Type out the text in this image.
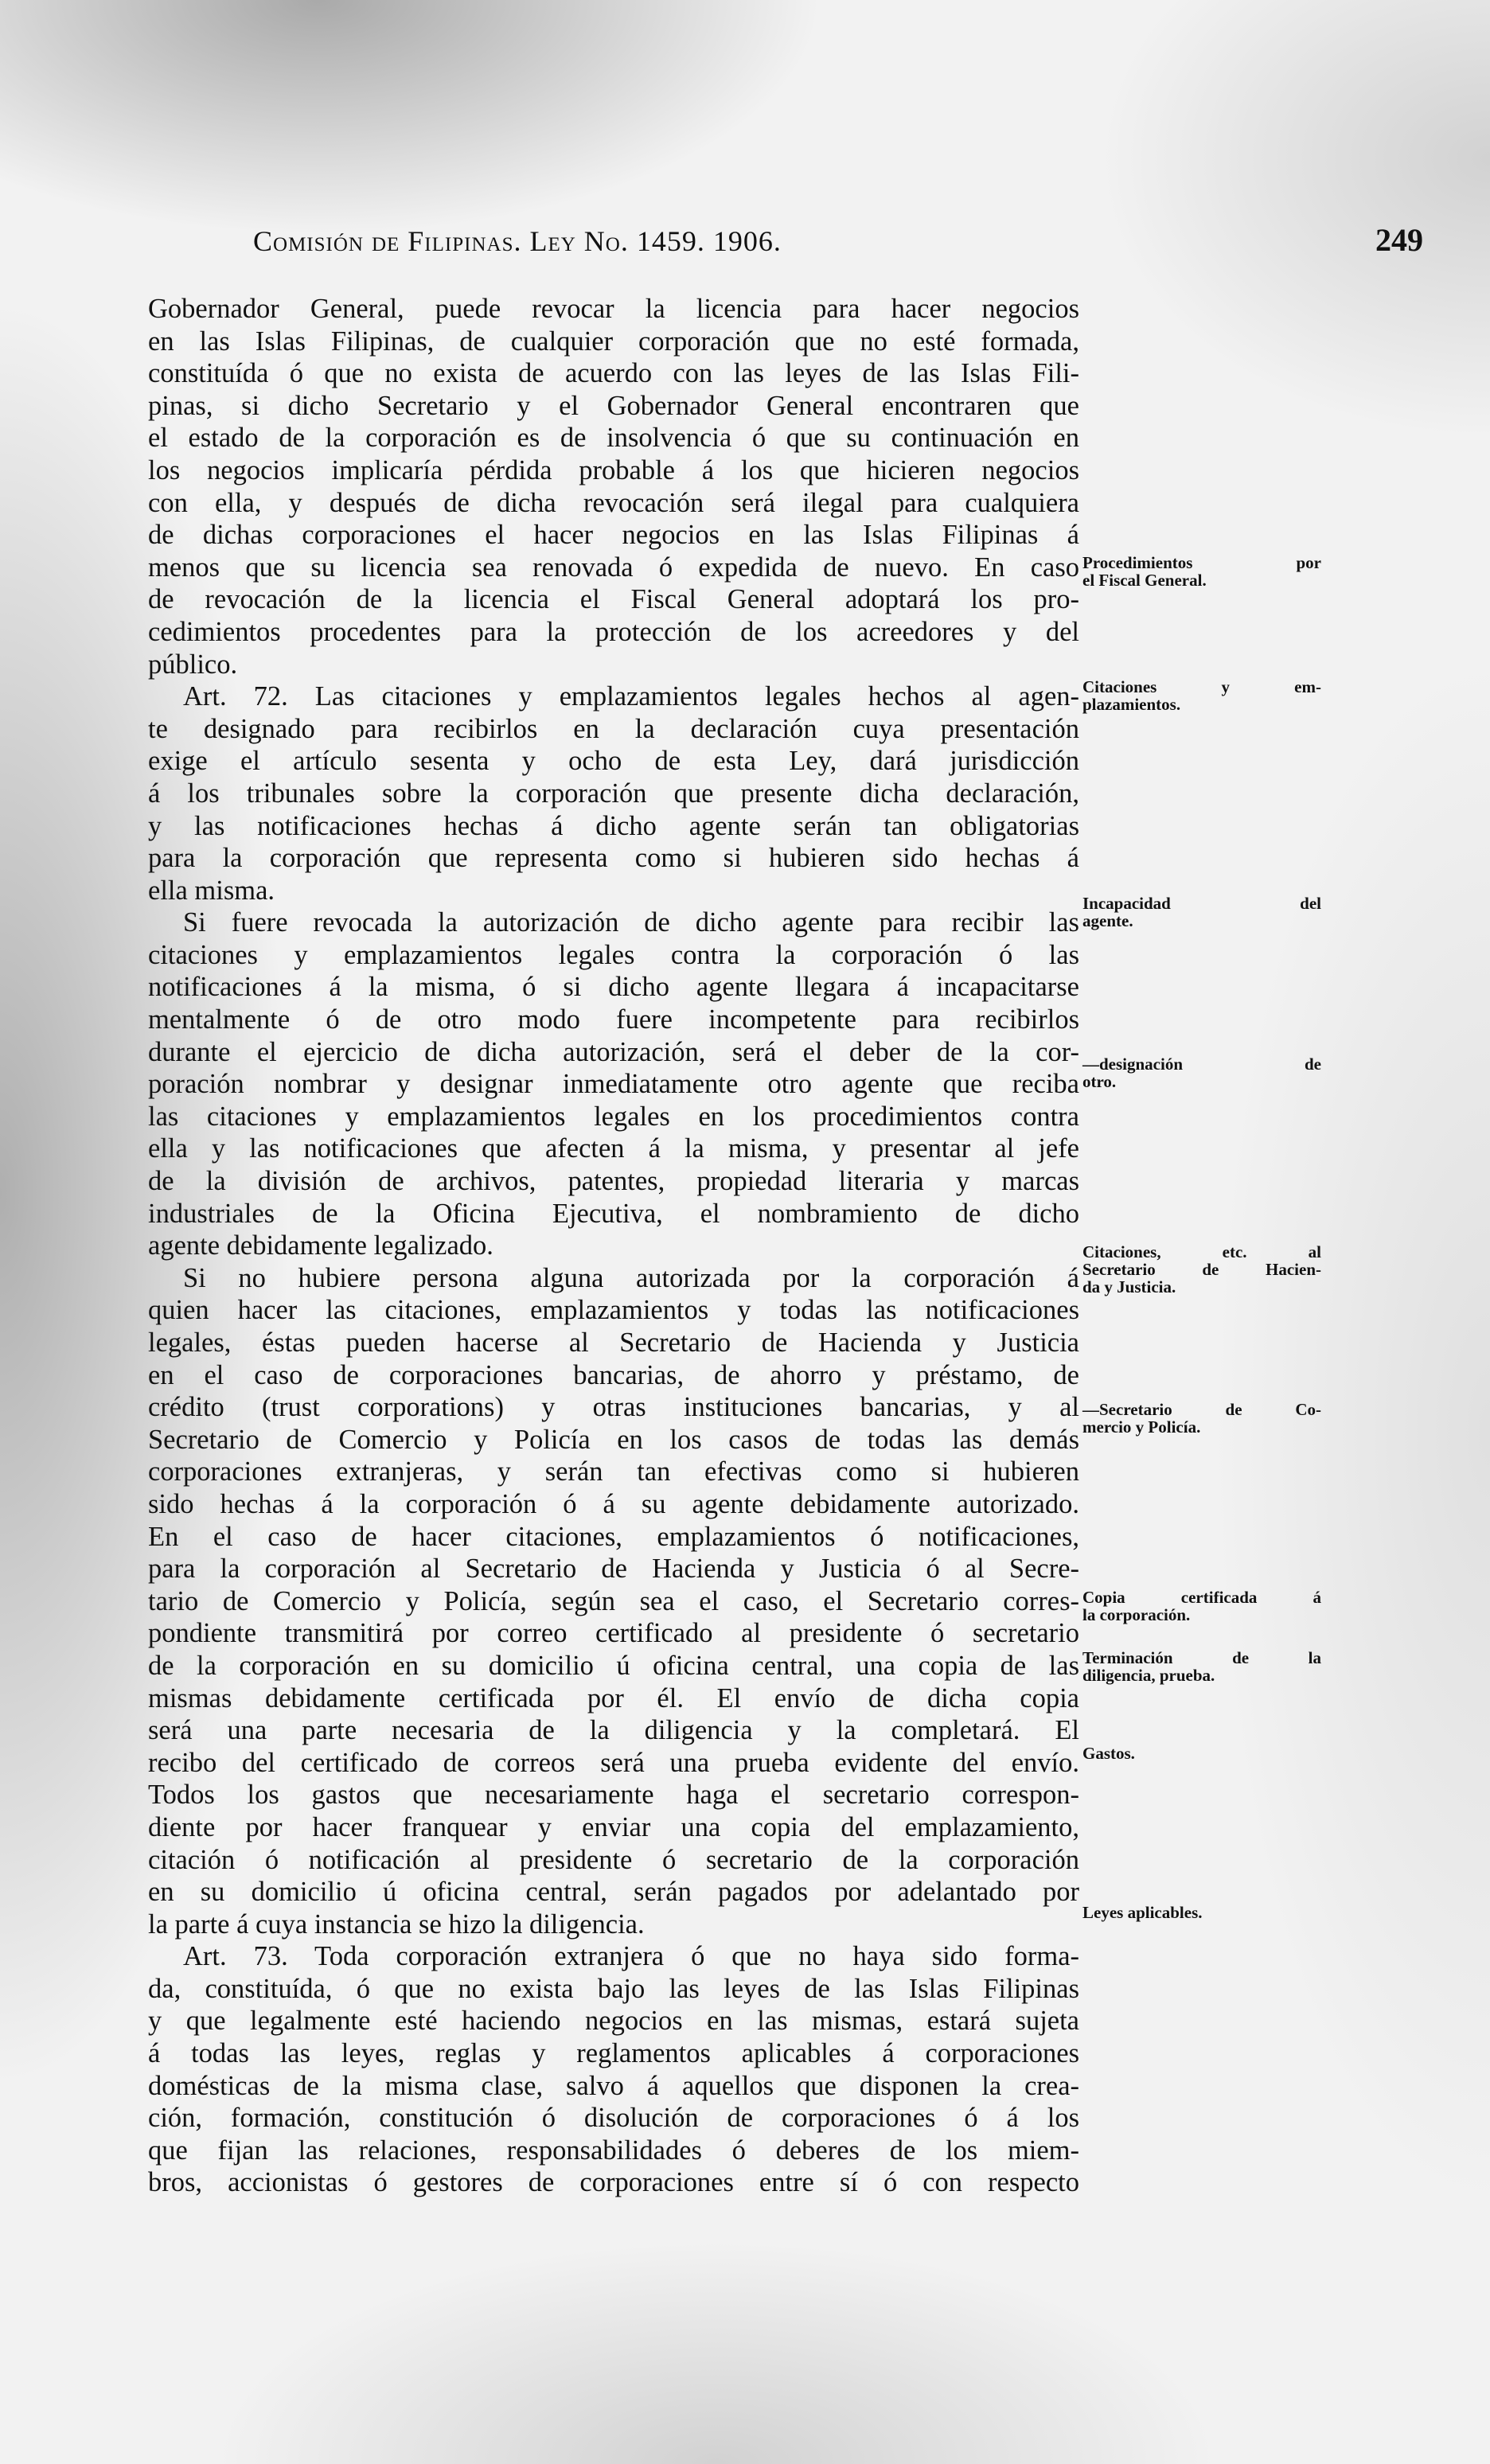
Comisión de Filipinas. Ley No. 1459. 1906.	249
Gobernador General, puede revocar la licencia para hacer negocios
en las Islas Filipinas, de cualquier corporación que no esté formada,
constituída ó que no exista de acuerdo con las leyes de las Islas Fili-
pinas, si dicho Secretario y el Gobernador General encontraren que
el estado de la corporación es de insolvencia ó que su continuación en
los negocios implicaría pérdida probable á los que hicieren negocios
con ella, y después de dicha revocación será ilegal para cualquiera
de dichas corporaciones el hacer negocios en las Islas Filipinas á
menos que su licencia sea renovada ó expedida de nuevo. En caso
de revocación de la licencia el Fiscal General adoptará los pro-
cedimientos procedentes para la protección de los acreedores y del
público.
Art. 72. Las citaciones y emplazamientos legales hechos al agen-
te designado para recibirlos en la declaración cuya presentación
exige el artículo sesenta y ocho de esta Ley, dará jurisdicción
á los tribunales sobre la corporación que presente dicha declaración,
y las notificaciones hechas á dicho agente serán tan obligatorias
para la corporación que representa como si hubieren sido hechas á
ella misma.
Si fuere revocada la autorización de dicho agente para recibir las
citaciones y emplazamientos legales contra la corporación ó las
notificaciones á la misma, ó si dicho agente llegara á incapacitarse
mentalmente ó de otro modo fuere incompetente para recibirlos
durante el ejercicio de dicha autorización, será el deber de la cor-
poración nombrar y designar inmediatamente otro agente que reciba
las citaciones y emplazamientos legales en los procedimientos contra
ella y las notificaciones que afecten á la misma, y presentar al jefe
de la división de archivos, patentes, propiedad literaria y marcas
industriales de la Oficina Ejecutiva, el nombramiento de dicho
agente debidamente legalizado.
Si no hubiere persona alguna autorizada por la corporación á
quien hacer las citaciones, emplazamientos y todas las notificaciones
legales, éstas pueden hacerse al Secretario de Hacienda y Justicia
en el caso de corporaciones bancarias, de ahorro y préstamo, de
crédito (trust corporations) y otras instituciones bancarias, y al
Secretario de Comercio y Policía en los casos de todas las demás
corporaciones extranjeras, y serán tan efectivas como si hubieren
sido hechas á la corporación ó á su agente debidamente autorizado.
En el caso de hacer citaciones, emplazamientos ó notificaciones,
para la corporación al Secretario de Hacienda y Justicia ó al Secre-
tario de Comercio y Policía, según sea el caso, el Secretario corres-
pondiente transmitirá por correo certificado al presidente ó secretario
de la corporación en su domicilio ú oficina central, una copia de las
mismas debidamente certificada por él. El envío de dicha copia
será una parte necesaria de la diligencia y la completará. El
recibo del certificado de correos será una prueba evidente del envío.
Todos los gastos que necesariamente haga el secretario correspon-
diente por hacer franquear y enviar una copia del emplazamiento,
citación ó notificación al presidente ó secretario de la corporación
en su domicilio ú oficina central, serán pagados por adelantado por
la parte á cuya instancia se hizo la diligencia.
Art. 73. Toda corporación extranjera ó que no haya sido forma-
da, constituída, ó que no exista bajo las leyes de las Islas Filipinas
y que legalmente esté haciendo negocios en las mismas, estará sujeta
á todas las leyes, reglas y reglamentos aplicables á corporaciones
domésticas de la misma clase, salvo á aquellos que disponen la crea-
ción, formación, constitución ó disolución de corporaciones ó á los
que fijan las relaciones, responsabilidades ó deberes de los miem-
bros, accionistas ó gestores de corporaciones entre sí ó con respecto
Procedimientos por
el Fiscal General.
Citaciones y em-
plazamientos.
Incapacidad del
agente.
—designación de
otro.
Citaciones, etc. al
Secretario de Hacien-
da y Justicia.
—Secretario de Co-
mercio y Policía.
Copia certificada á
la corporación.
Terminación de la
diligencia, prueba.
Gastos.
Leyes aplicables.
